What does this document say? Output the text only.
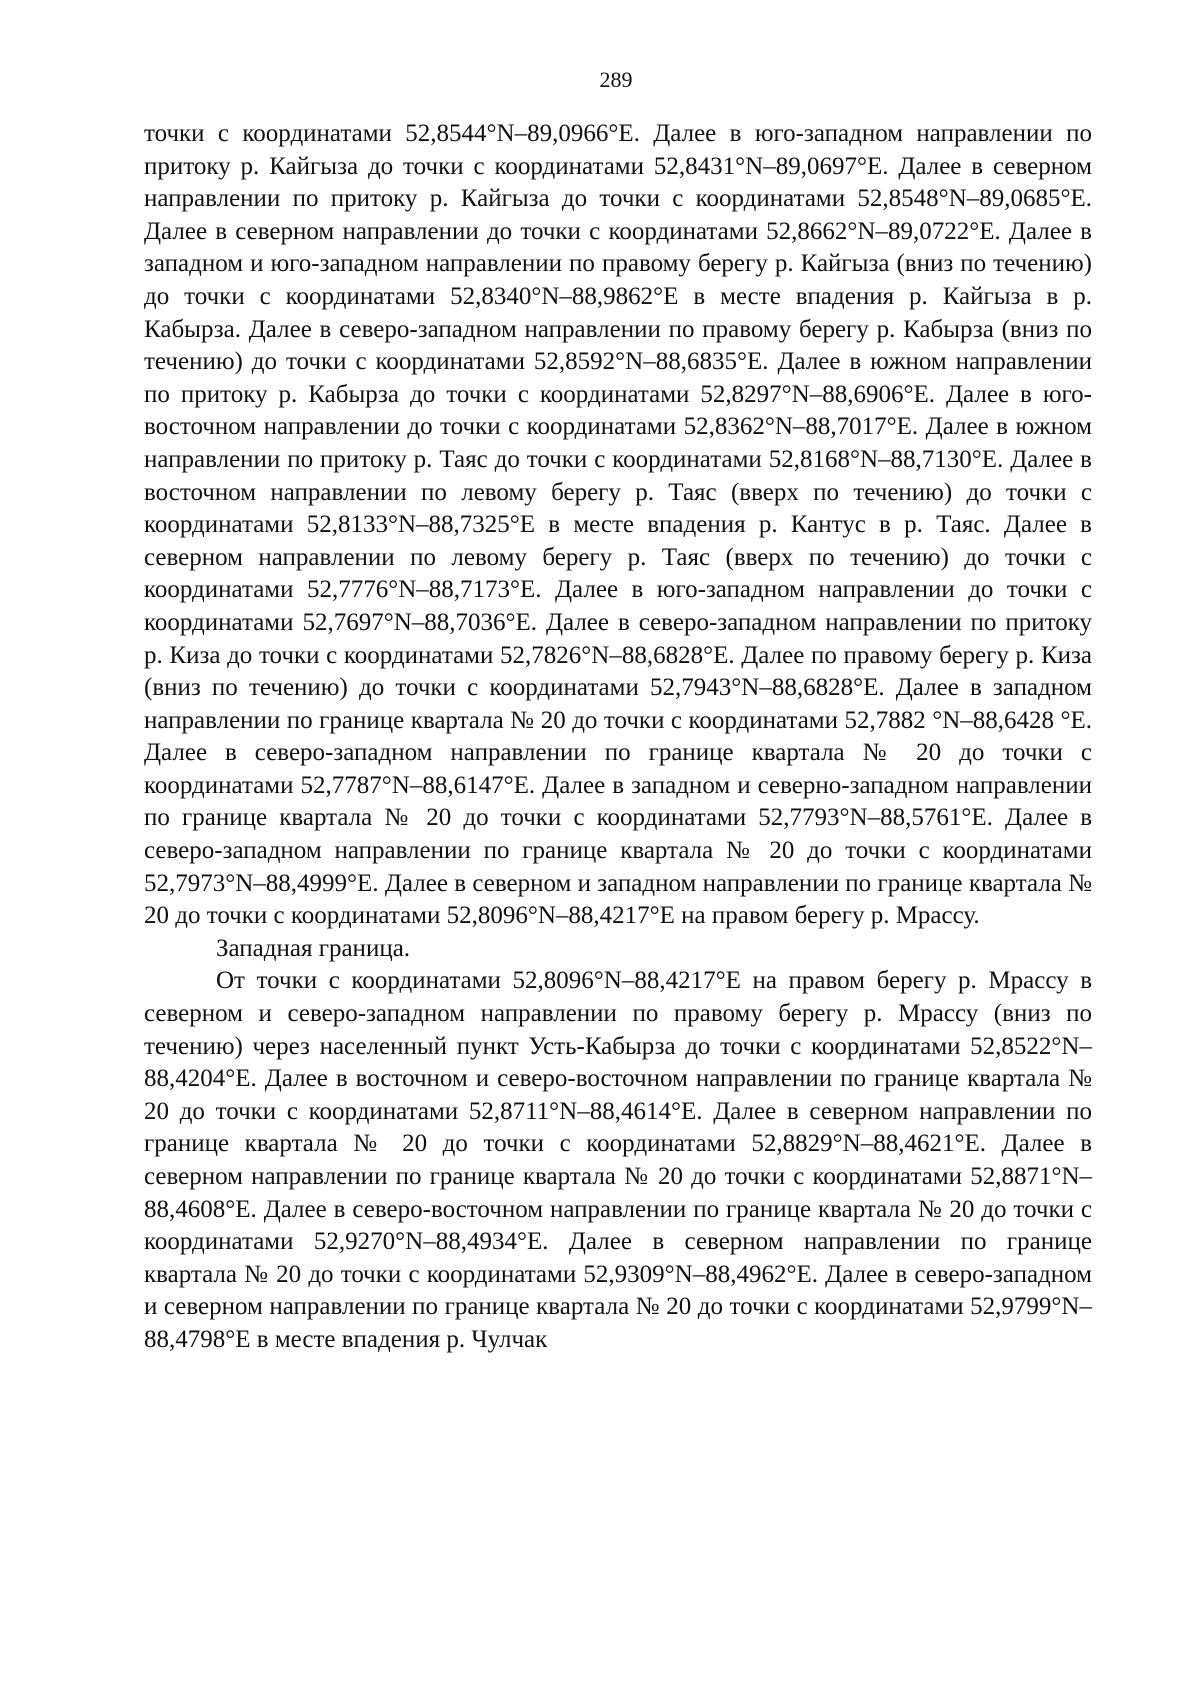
289

точки с координатами 52,8544°N–89,0966°E. Далее в юго-западном направлении по притоку р. Кайгыза до точки с координатами 52,8431°N–89,0697°E. Далее в северном направлении по притоку р. Кайгыза до точки с координатами 52,8548°N–89,0685°E. Далее в северном направлении до точки с координатами 52,8662°N–89,0722°E. Далее в западном и юго-западном направлении по правому берегу р. Кайгыза (вниз по течению) до точки с координатами 52,8340°N–88,9862°E в месте впадения р. Кайгыза в р. Кабырза. Далее в северо-западном направлении по правому берегу р. Кабырза (вниз по течению) до точки с координатами 52,8592°N–88,6835°E. Далее в южном направлении по притоку р. Кабырза до точки с координатами 52,8297°N–88,6906°E. Далее в юго-восточном направлении до точки с координатами 52,8362°N–88,7017°E. Далее в южном направлении по притоку р. Таяс до точки с координатами 52,8168°N–88,7130°E. Далее в восточном направлении по левому берегу р. Таяс (вверх по течению) до точки с координатами 52,8133°N–88,7325°E в месте впадения р. Кантус в р. Таяс. Далее в северном направлении по левому берегу р. Таяс (вверх по течению) до точки с координатами 52,7776°N–88,7173°E. Далее в юго-западном направлении до точки с координатами 52,7697°N–88,7036°E. Далее в северо-западном направлении по притоку р. Киза до точки с координатами 52,7826°N–88,6828°E. Далее по правому берегу р. Киза (вниз по течению) до точки с координатами 52,7943°N–88,6828°E. Далее в западном направлении по границе квартала № 20 до точки с координатами 52,7882 °N–88,6428 °E. Далее в северо-западном направлении по границе квартала № 20 до точки с координатами 52,7787°N–88,6147°E. Далее в западном и северно-западном направлении по границе квартала № 20 до точки с координатами 52,7793°N–88,5761°E. Далее в северо-западном направлении по границе квартала № 20 до точки с координатами 52,7973°N–88,4999°E. Далее в северном и западном направлении по границе квартала № 20 до точки с координатами 52,8096°N–88,4217°E на правом берегу р. Мрассу.

Западная граница.

От точки с координатами 52,8096°N–88,4217°E на правом берегу р. Мрассу в северном и северо-западном направлении по правому берегу р. Мрассу (вниз по течению) через населенный пункт Усть-Кабырза до точки с координатами 52,8522°N–88,4204°E. Далее в восточном и северо-восточном направлении по границе квартала № 20 до точки с координатами 52,8711°N–88,4614°E. Далее в северном направлении по границе квартала № 20 до точки с координатами 52,8829°N–88,4621°E. Далее в северном направлении по границе квартала № 20 до точки с координатами 52,8871°N–88,4608°E. Далее в северо-восточном направлении по границе квартала № 20 до точки с координатами 52,9270°N–88,4934°E. Далее в северном направлении по границе квартала № 20 до точки с координатами 52,9309°N–88,4962°E. Далее в северо-западном и северном направлении по границе квартала № 20 до точки с координатами 52,9799°N–88,4798°E в месте впадения р. Чулчак
